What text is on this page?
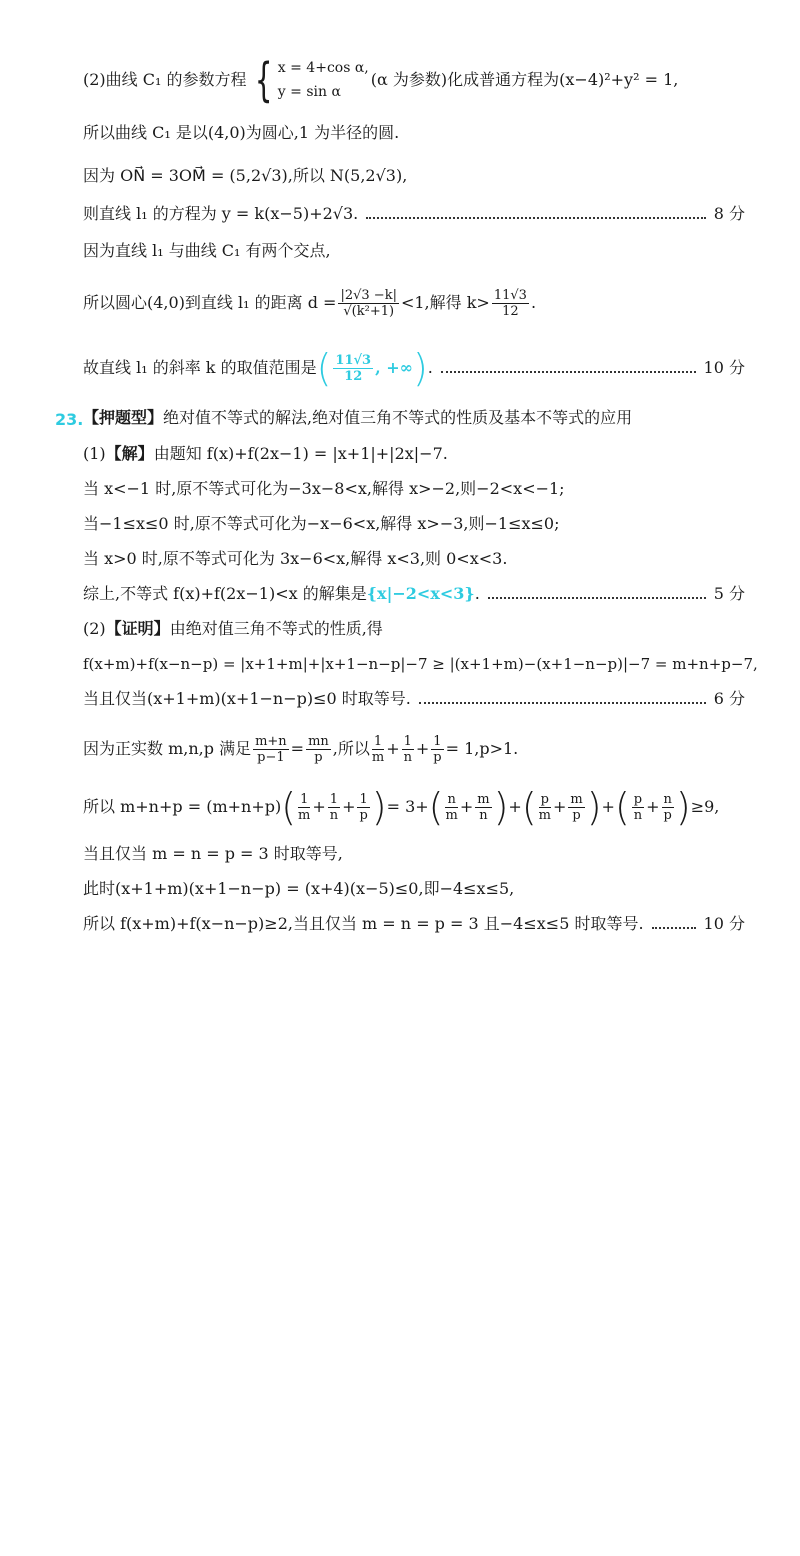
(2)曲线 C₁ 的参数方程 { x = 4+cos α,
y = sin α
(α 为参数)化成普通方程为(x−4)²+y² = 1,
所以曲线 C₁ 是以(4,0)为圆心,1 为半径的圆.
因为 ON⃗ = 3OM⃗ = (5,2√3),所以 N(5,2√3),
则直线 l₁ 的方程为 y = k(x−5)+2√3.	8 分
因为直线 l₁ 与曲线 C₁ 有两个交点,
所以圆心(4,0)到直线 l₁ 的距离 $d = \frac{|2√3 -k|}{\text{√(k²+1)}} <1$,解得 $k> \frac{11√3}{12}$ .
故直线 l₁ 的斜率 k 的取值范围是 ( $\frac{11√3}{12}$ , +∞ ) .	10 分
23. 【押题型】 绝对值不等式的解法,绝对值三角不等式的性质及基本不等式的应用
(1) 【解】 由题知 f(x)+f(2x−1) = |x+1|+|2x|−7.
当 x<−1 时,原不等式可化为−3x−8<x,解得 x>−2,则−2<x<−1;
当−1≤x≤0 时,原不等式可化为−x−6<x,解得 x>−3,则−1≤x≤0;
当 x>0 时,原不等式可化为 3x−6<x,解得 x<3,则 0<x<3.
综上,不等式 f(x)+f(2x−1)<x 的解集是 {x|−2<x<3} .	5 分
(2) 【证明】 由绝对值三角不等式的性质,得
f(x+m)+f(x−n−p) = |x+1+m|+|x+1−n−p|−7 ≥ |(x+1+m)−(x+1−n−p)|−7 = m+n+p−7,
当且仅当(x+1+m)(x+1−n−p)≤0 时取等号.	6 分
因为正实数 m,n,p 满足 $\frac{m+n}{p-1} = \frac{mn}{p}$ ,所以 $\frac{1}{m} + \frac{1}{n} + \frac{1}{p} = 1,p>1$.
所以 m+n+p = (m+n+p) ( $\frac{1}{m} + \frac{1}{n} + \frac{1}{p}$ ) = 3+ ( $\frac{n}{m} + \frac{m}{n}$ ) + ( $\frac{p}{m} + \frac{m}{p}$ ) + ( $\frac{p}{n} + \frac{n}{p}$ ) ≥9,
当且仅当 m = n = p = 3 时取等号,
此时(x+1+m)(x+1−n−p) = (x+4)(x−5)≤0,即−4≤x≤5,
所以 f(x+m)+f(x−n−p)≥2,当且仅当 m = n = p = 3 且−4≤x≤5 时取等号.	10 分
